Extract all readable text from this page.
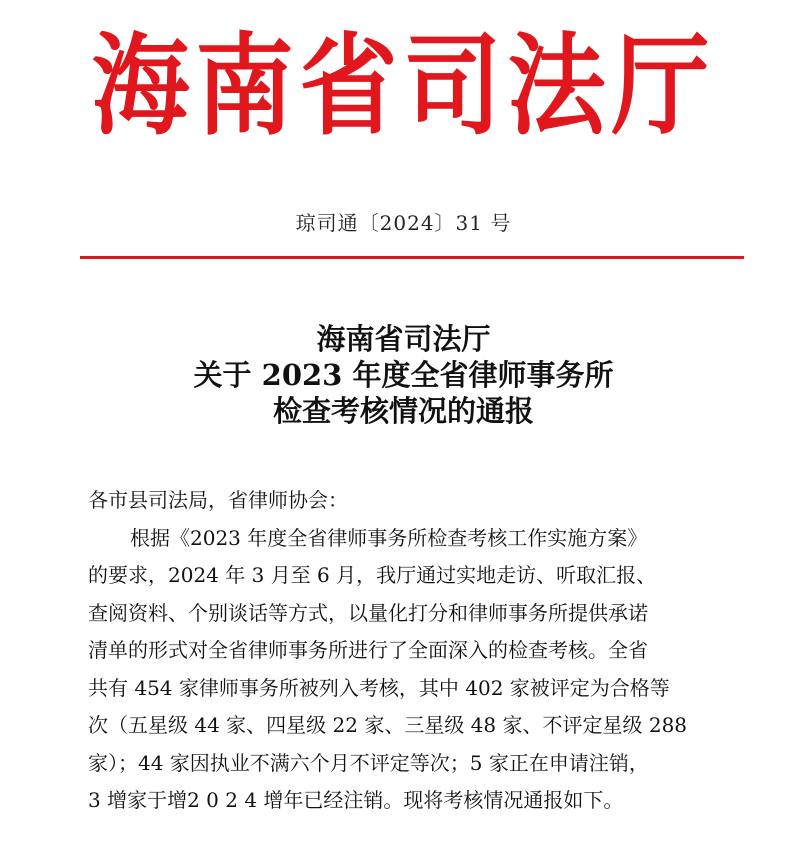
海南省司法厅
琼司通〔2024〕31 号
海南省司法厅
关于 2023 年度全省律师事务所
检查考核情况的通报
各市县司法局，省律师协会：
根据《2023 年度全省律师事务所检查考核工作实施方案》
的要求，2024 年 3 月至 6 月，我厅通过实地走访、听取汇报、
查阅资料、个别谈话等方式，以量化打分和律师事务所提供承诺
清单的形式对全省律师事务所进行了全面深入的检查考核。全省
共有 454 家律师事务所被列入考核，其中 402 家被评定为合格等
次（五星级 44 家、四星级 22 家、三星级 48 家、不评定星级 288
家）；44 家因执业不满六个月不评定等次；5 家正在申请注销，
3 增家于增2 0 2 4 增年已经注销。现将考核情况通报如下。
